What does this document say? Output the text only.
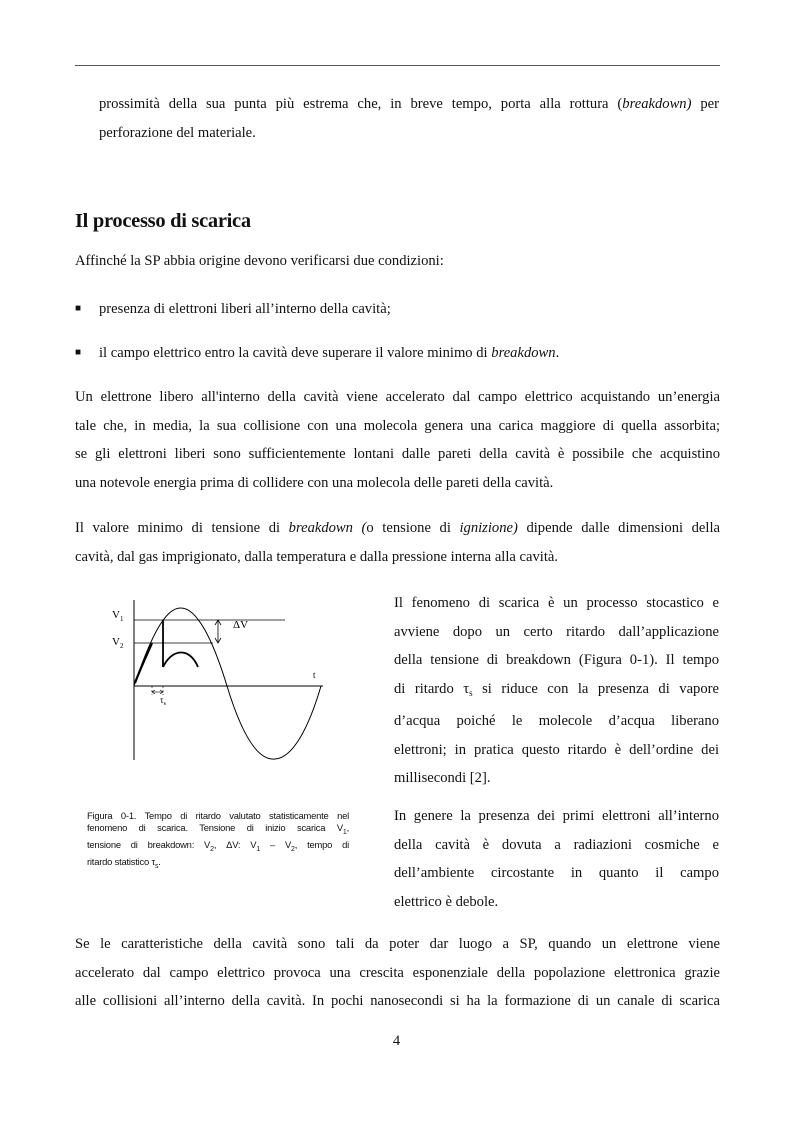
prossimità della sua punta più estrema che, in breve tempo, porta alla rottura (breakdown) per
perforazione del materiale.
Il processo di scarica
Affinché la SP abbia origine devono verificarsi due condizioni:
■ presenza di elettroni liberi all’interno della cavità;
■ il campo elettrico entro la cavità deve superare il valore minimo di breakdown.
Un elettrone libero all'interno della cavità viene accelerato dal campo elettrico acquistando un’energia
tale che, in media, la sua collisione con una molecola genera una carica maggiore di quella assorbita;
se gli elettroni liberi sono sufficientemente lontani dalle pareti della cavità è possibile che acquistino
una notevole energia prima di collidere con una molecola delle pareti della cavità.
Il valore minimo di tensione di breakdown (o tensione di ignizione) dipende dalle dimensioni della
cavità, dal gas imprigionato, dalla temperatura e dalla pressione interna alla cavità.
$V_1$
$V_2$
ΔV
t
$\tau_s$
Il fenomeno di scarica è un processo stocastico e
avviene dopo un certo ritardo dall’applicazione
della tensione di breakdown (Figura 0-1). Il tempo
di ritardo $\tau_s$ si riduce con la presenza di vapore
d’acqua poiché le molecole d’acqua liberano
elettroni; in pratica questo ritardo è dell’ordine dei
millisecondi [2].
Figura 0-1. Tempo di ritardo valutato statisticamente nel
fenomeno di scarica. Tensione di inizio scarica $V_1$,
tensione di breakdown: $V_2$, ΔV: $V_1 - V_2$, tempo di
ritardo statistico $\tau_s$.
In genere la presenza dei primi elettroni all’interno
della cavità è dovuta a radiazioni cosmiche e
dell’ambiente circostante in quanto il campo
elettrico è debole.
Se le caratteristiche della cavità sono tali da poter dar luogo a SP, quando un elettrone viene
accelerato dal campo elettrico provoca una crescita esponenziale della popolazione elettronica grazie
alle collisioni all’interno della cavità. In pochi nanosecondi si ha la formazione di un canale di scarica
4
